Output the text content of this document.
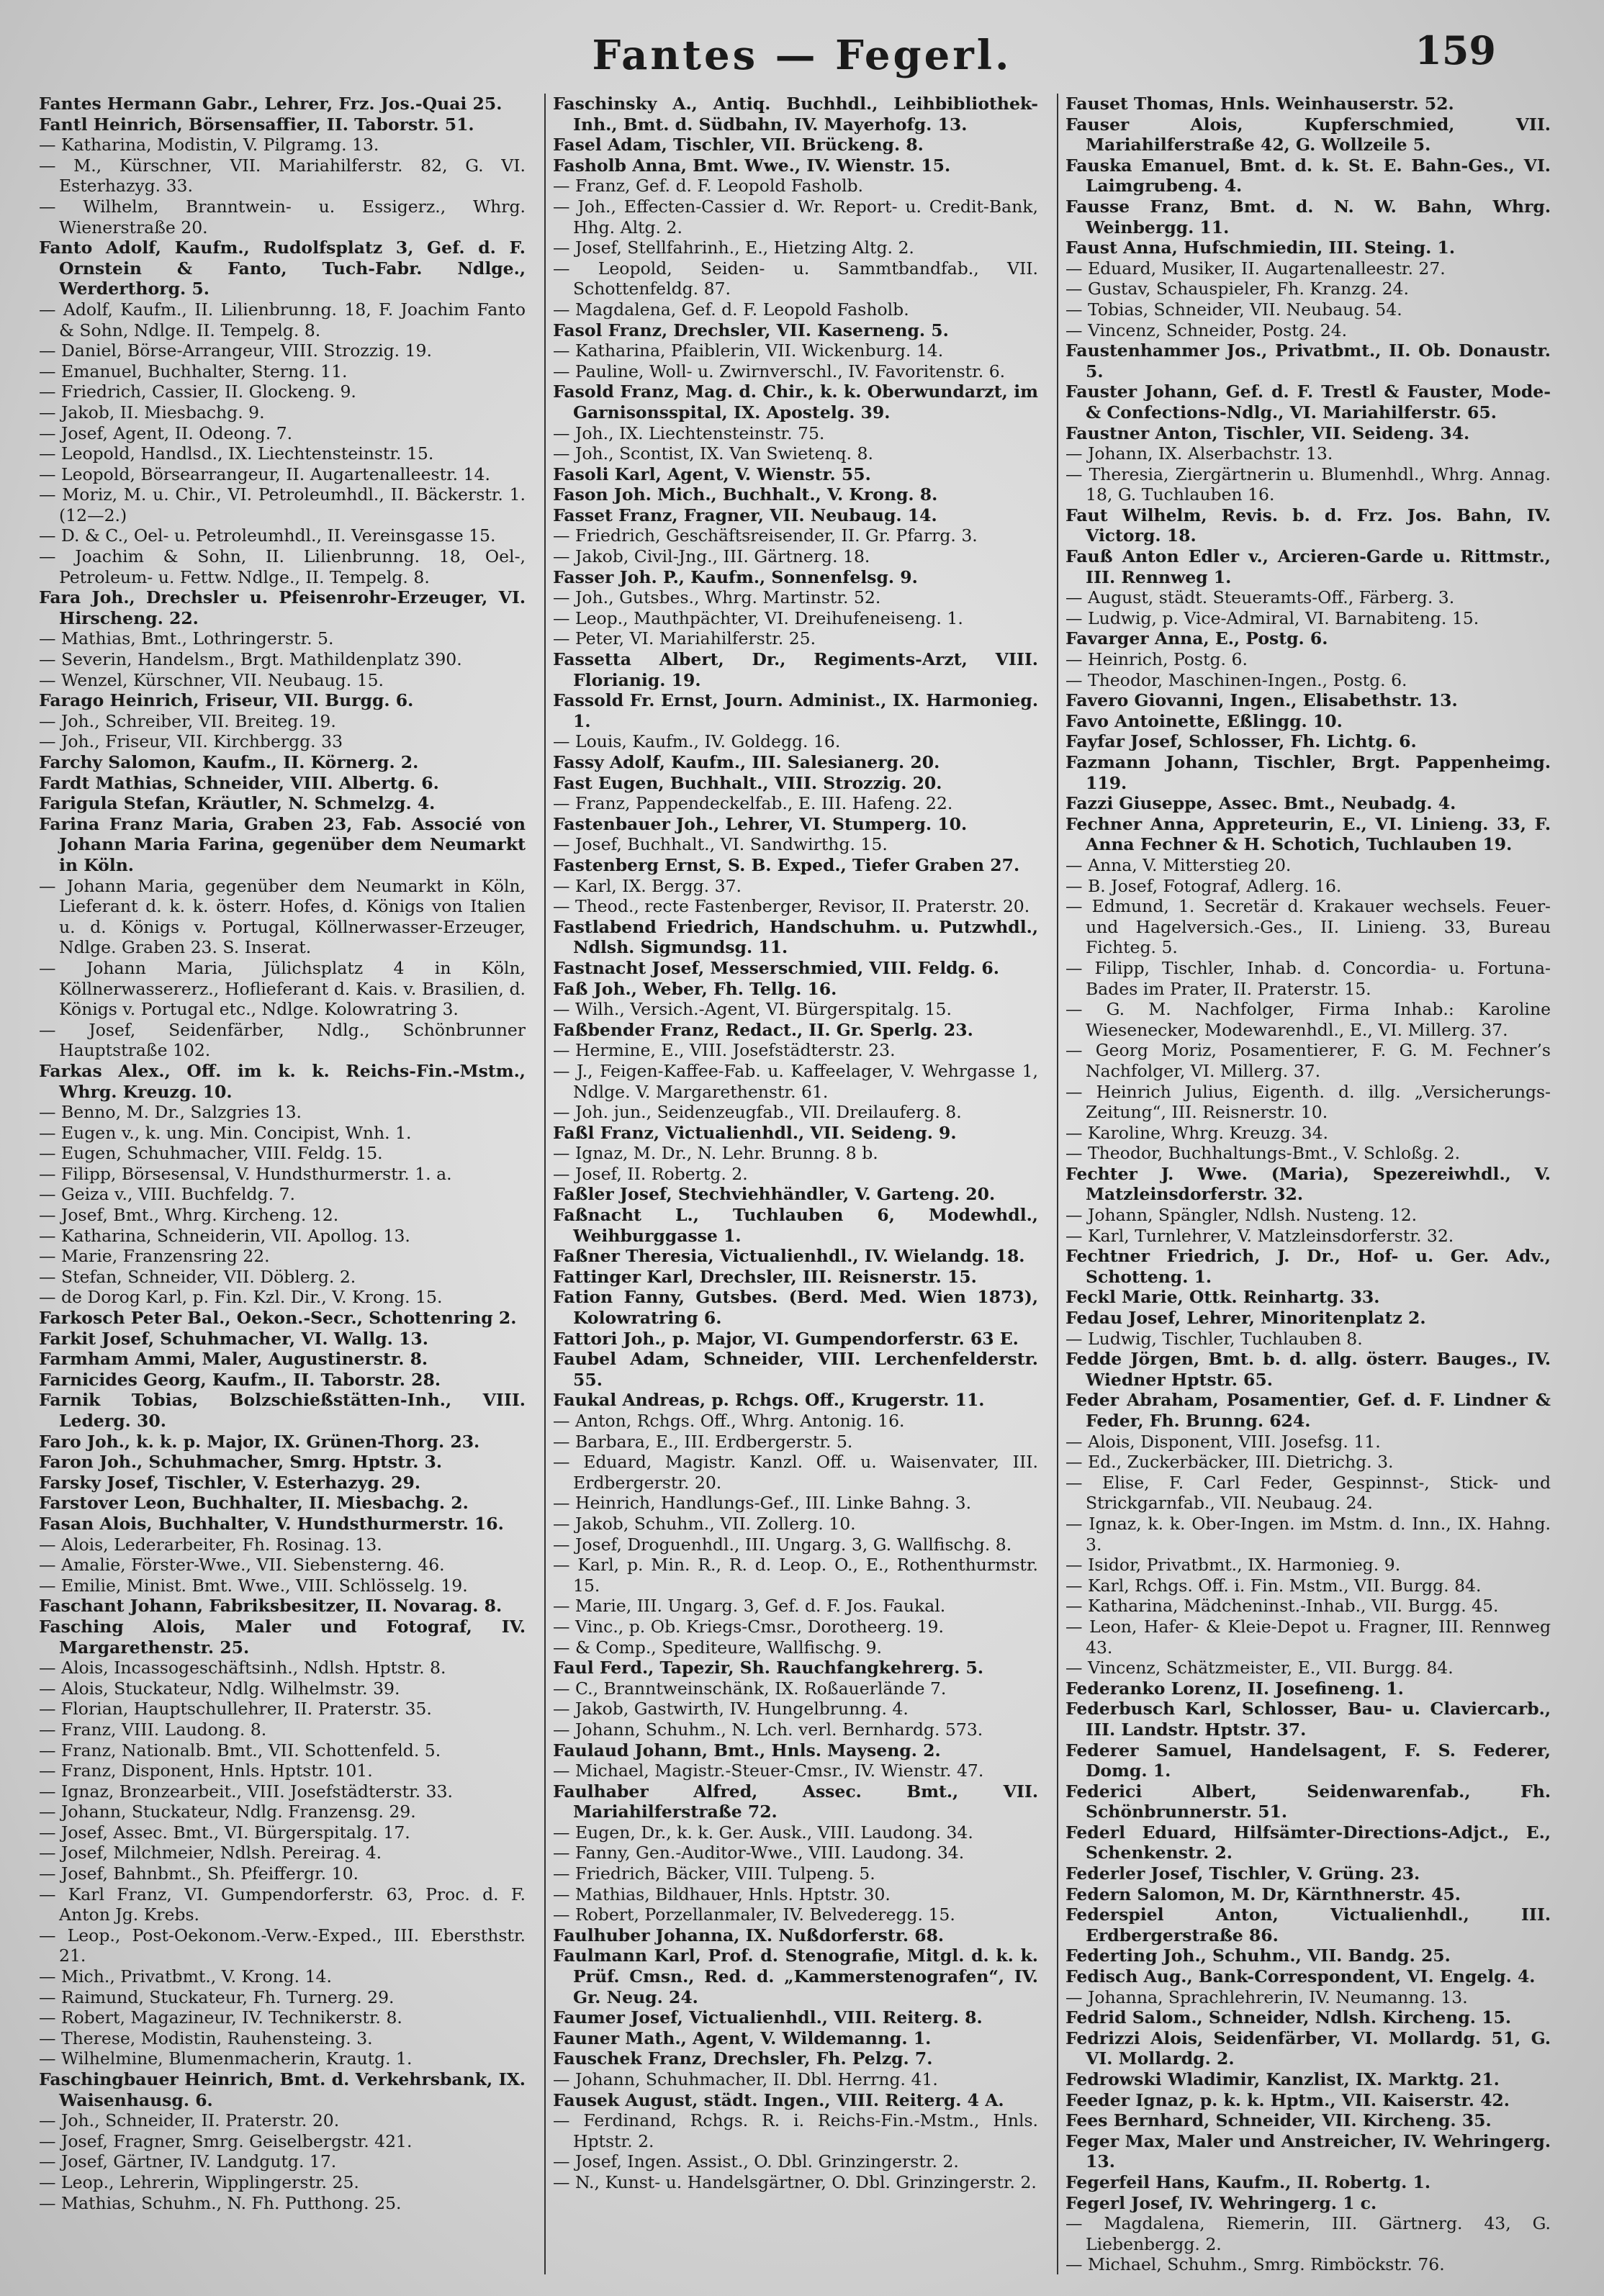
Fantes — Fegerl.	159

Fantes Hermann Gabr., Lehrer, Frz. Jos.-Quai 25.

Fantl Heinrich, Börsensaffier, II. Taborstr. 51.

— Katharina, Modistin, V. Pilgramg. 13.

— M., Kürschner, VII. Mariahilferstr. 82, G. VI. Esterhazyg. 33.

— Wilhelm, Branntwein- u. Essigerz., Whrg. Wienerstraße 20.

Fanto Adolf, Kaufm., Rudolfsplatz 3, Gef. d. F. Ornstein & Fanto, Tuch-Fabr. Ndlge., Werderthorg. 5.

— Adolf, Kaufm., II. Lilienbrunng. 18, F. Joachim Fanto & Sohn, Ndlge. II. Tempelg. 8.

— Daniel, Börse-Arrangeur, VIII. Strozzig. 19.

— Emanuel, Buchhalter, Sterng. 11.

— Friedrich, Cassier, II. Glockeng. 9.

— Jakob, II. Miesbachg. 9.

— Josef, Agent, II. Odeong. 7.

— Leopold, Handlsd., IX. Liechtensteinstr. 15.

— Leopold, Börsearrangeur, II. Augartenalleestr. 14.

— Moriz, M. u. Chir., VI. Petroleumhdl., II. Bäckerstr. 1. (12—2.)

— D. & C., Oel- u. Petroleumhdl., II. Vereinsgasse 15.

— Joachim & Sohn, II. Lilienbrunng. 18, Oel-, Petroleum- u. Fettw. Ndlge., II. Tempelg. 8.

Fara Joh., Drechsler u. Pfeisenrohr-Erzeuger, VI. Hirscheng. 22.

— Mathias, Bmt., Lothringerstr. 5.

— Severin, Handelsm., Brgt. Mathildenplatz 390.

— Wenzel, Kürschner, VII. Neubaug. 15.

Farago Heinrich, Friseur, VII. Burgg. 6.

— Joh., Schreiber, VII. Breiteg. 19.

— Joh., Friseur, VII. Kirchbergg. 33

Farchy Salomon, Kaufm., II. Körnerg. 2.

Fardt Mathias, Schneider, VIII. Albertg. 6.

Farigula Stefan, Kräutler, N. Schmelzg. 4.

Farina Franz Maria, Graben 23, Fab. Associé von Johann Maria Farina, gegenüber dem Neumarkt in Köln.

— Johann Maria, gegenüber dem Neumarkt in Köln, Lieferant d. k. k. österr. Hofes, d. Königs von Italien u. d. Königs v. Portugal, Köllnerwasser-Erzeuger, Ndlge. Graben 23. S. Inserat.

— Johann Maria, Jülichsplatz 4 in Köln, Köllnerwassererz., Hoflieferant d. Kais. v. Brasilien, d. Königs v. Portugal etc., Ndlge. Kolowratring 3.

— Josef, Seidenfärber, Ndlg., Schönbrunner Hauptstraße 102.

Farkas Alex., Off. im k. k. Reichs-Fin.-Mstm., Whrg. Kreuzg. 10.

— Benno, M. Dr., Salzgries 13.

— Eugen v., k. ung. Min. Concipist, Wnh. 1.

— Eugen, Schuhmacher, VIII. Feldg. 15.

— Filipp, Börsesensal, V. Hundsthurmerstr. 1. a.

— Geiza v., VIII. Buchfeldg. 7.

— Josef, Bmt., Whrg. Kircheng. 12.

— Katharina, Schneiderin, VII. Apollog. 13.

— Marie, Franzensring 22.

— Stefan, Schneider, VII. Döblerg. 2.

— de Dorog Karl, p. Fin. Kzl. Dir., V. Krong. 15.

Farkosch Peter Bal., Oekon.-Secr., Schottenring 2.

Farkit Josef, Schuhmacher, VI. Wallg. 13.

Farmham Ammi, Maler, Augustinerstr. 8.

Farnicides Georg, Kaufm., II. Taborstr. 28.

Farnik Tobias, Bolzschießstätten-Inh., VIII. Lederg. 30.

Faro Joh., k. k. p. Major, IX. Grünen-Thorg. 23.

Faron Joh., Schuhmacher, Smrg. Hptstr. 3.

Farsky Josef, Tischler, V. Esterhazyg. 29.

Farstover Leon, Buchhalter, II. Miesbachg. 2.

Fasan Alois, Buchhalter, V. Hundsthurmerstr. 16.

— Alois, Lederarbeiter, Fh. Rosinag. 13.

— Amalie, Förster-Wwe., VII. Siebensterng. 46.

— Emilie, Minist. Bmt. Wwe., VIII. Schlösselg. 19.

Faschant Johann, Fabriksbesitzer, II. Novarag. 8.

Fasching Alois, Maler und Fotograf, IV. Margarethenstr. 25.

— Alois, Incassogeschäftsinh., Ndlsh. Hptstr. 8.

— Alois, Stuckateur, Ndlg. Wilhelmstr. 39.

— Florian, Hauptschullehrer, II. Praterstr. 35.

— Franz, VIII. Laudong. 8.

— Franz, Nationalb. Bmt., VII. Schottenfeld. 5.

— Franz, Disponent, Hnls. Hptstr. 101.

— Ignaz, Bronzearbeit., VIII. Josefstädterstr. 33.

— Johann, Stuckateur, Ndlg. Franzensg. 29.

— Josef, Assec. Bmt., VI. Bürgerspitalg. 17.

— Josef, Milchmeier, Ndlsh. Pereirag. 4.

— Josef, Bahnbmt., Sh. Pfeiffergr. 10.

— Karl Franz, VI. Gumpendorferstr. 63, Proc. d. F. Anton Jg. Krebs.

— Leop., Post-Oekonom.-Verw.-Exped., III. Ebersthstr. 21.

— Mich., Privatbmt., V. Krong. 14.

— Raimund, Stuckateur, Fh. Turnerg. 29.

— Robert, Magazineur, IV. Technikerstr. 8.

— Therese, Modistin, Rauhensteing. 3.

— Wilhelmine, Blumenmacherin, Krautg. 1.

Faschingbauer Heinrich, Bmt. d. Verkehrsbank, IX. Waisenhausg. 6.

— Joh., Schneider, II. Praterstr. 20.

— Josef, Fragner, Smrg. Geiselbergstr. 421.

— Josef, Gärtner, IV. Landgutg. 17.

— Leop., Lehrerin, Wipplingerstr. 25.

— Mathias, Schuhm., N. Fh. Putthong. 25.

Faschinsky A., Antiq. Buchhdl., Leihbibliothek-Inh., Bmt. d. Südbahn, IV. Mayerhofg. 13.

Fasel Adam, Tischler, VII. Brückeng. 8.

Fasholb Anna, Bmt. Wwe., IV. Wienstr. 15.

— Franz, Gef. d. F. Leopold Fasholb.

— Joh., Effecten-Cassier d. Wr. Report- u. Credit-Bank, Hhg. Altg. 2.

— Josef, Stellfahrinh., E., Hietzing Altg. 2.

— Leopold, Seiden- u. Sammtbandfab., VII. Schottenfeldg. 87.

— Magdalena, Gef. d. F. Leopold Fasholb.

Fasol Franz, Drechsler, VII. Kaserneng. 5.

— Katharina, Pfaiblerin, VII. Wickenburg. 14.

— Pauline, Woll- u. Zwirnverschl., IV. Favoritenstr. 6.

Fasold Franz, Mag. d. Chir., k. k. Oberwundarzt, im Garnisonsspital, IX. Apostelg. 39.

— Joh., IX. Liechtensteinstr. 75.

— Joh., Scontist, IX. Van Swietenq. 8.

Fasoli Karl, Agent, V. Wienstr. 55.

Fason Joh. Mich., Buchhalt., V. Krong. 8.

Fasset Franz, Fragner, VII. Neubaug. 14.

— Friedrich, Geschäftsreisender, II. Gr. Pfarrg. 3.

— Jakob, Civil-Jng., III. Gärtnerg. 18.

Fasser Joh. P., Kaufm., Sonnenfelsg. 9.

— Joh., Gutsbes., Whrg. Martinstr. 52.

— Leop., Mauthpächter, VI. Dreihufeneiseng. 1.

— Peter, VI. Mariahilferstr. 25.

Fassetta Albert, Dr., Regiments-Arzt, VIII. Florianig. 19.

Fassold Fr. Ernst, Journ. Administ., IX. Harmonieg. 1.

— Louis, Kaufm., IV. Goldegg. 16.

Fassy Adolf, Kaufm., III. Salesianerg. 20.

Fast Eugen, Buchhalt., VIII. Strozzig. 20.

— Franz, Pappendeckelfab., E. III. Hafeng. 22.

Fastenbauer Joh., Lehrer, VI. Stumperg. 10.

— Josef, Buchhalt., VI. Sandwirthg. 15.

Fastenberg Ernst, S. B. Exped., Tiefer Graben 27.

— Karl, IX. Bergg. 37.

— Theod., recte Fastenberger, Revisor, II. Praterstr. 20.

Fastlabend Friedrich, Handschuhm. u. Putzwhdl., Ndlsh. Sigmundsg. 11.

Fastnacht Josef, Messerschmied, VIII. Feldg. 6.

Faß Joh., Weber, Fh. Tellg. 16.

— Wilh., Versich.-Agent, VI. Bürgerspitalg. 15.

Faßbender Franz, Redact., II. Gr. Sperlg. 23.

— Hermine, E., VIII. Josefstädterstr. 23.

— J., Feigen-Kaffee-Fab. u. Kaffeelager, V. Wehrgasse 1, Ndlge. V. Margarethenstr. 61.

— Joh. jun., Seidenzeugfab., VII. Dreilauferg. 8.

Faßl Franz, Victualienhdl., VII. Seideng. 9.

— Ignaz, M. Dr., N. Lehr. Brunng. 8 b.

— Josef, II. Robertg. 2.

Faßler Josef, Stechviehhändler, V. Garteng. 20.

Faßnacht L., Tuchlauben 6, Modewhdl., Weihburggasse 1.

Faßner Theresia, Victualienhdl., IV. Wielandg. 18.

Fattinger Karl, Drechsler, III. Reisnerstr. 15.

Fation Fanny, Gutsbes. (Berd. Med. Wien 1873), Kolowratring 6.

Fattori Joh., p. Major, VI. Gumpendorferstr. 63 E.

Faubel Adam, Schneider, VIII. Lerchenfelderstr. 55.

Faukal Andreas, p. Rchgs. Off., Krugerstr. 11.

— Anton, Rchgs. Off., Whrg. Antonig. 16.

— Barbara, E., III. Erdbergerstr. 5.

— Eduard, Magistr. Kanzl. Off. u. Waisenvater, III. Erdbergerstr. 20.

— Heinrich, Handlungs-Gef., III. Linke Bahng. 3.

— Jakob, Schuhm., VII. Zollerg. 10.

— Josef, Droguenhdl., III. Ungarg. 3, G. Wallfischg. 8.

— Karl, p. Min. R., R. d. Leop. O., E., Rothenthurmstr. 15.

— Marie, III. Ungarg. 3, Gef. d. F. Jos. Faukal.

— Vinc., p. Ob. Kriegs-Cmsr., Dorotheerg. 19.

— & Comp., Spediteure, Wallfischg. 9.

Faul Ferd., Tapezir, Sh. Rauchfangkehrerg. 5.

— C., Branntweinschänk, IX. Roßauerlände 7.

— Jakob, Gastwirth, IV. Hungelbrunng. 4.

— Johann, Schuhm., N. Lch. verl. Bernhardg. 573.

Faulaud Johann, Bmt., Hnls. Mayseng. 2.

— Michael, Magistr.-Steuer-Cmsr., IV. Wienstr. 47.

Faulhaber Alfred, Assec. Bmt., VII. Mariahilferstraße 72.

— Eugen, Dr., k. k. Ger. Ausk., VIII. Laudong. 34.

— Fanny, Gen.-Auditor-Wwe., VIII. Laudong. 34.

— Friedrich, Bäcker, VIII. Tulpeng. 5.

— Mathias, Bildhauer, Hnls. Hptstr. 30.

— Robert, Porzellanmaler, IV. Belvederegg. 15.

Faulhuber Johanna, IX. Nußdorferstr. 68.

Faulmann Karl, Prof. d. Stenografie, Mitgl. d. k. k. Prüf. Cmsn., Red. d. „Kammerstenografen“, IV. Gr. Neug. 24.

Faumer Josef, Victualienhdl., VIII. Reiterg. 8.

Fauner Math., Agent, V. Wildemanng. 1.

Fauschek Franz, Drechsler, Fh. Pelzg. 7.

— Johann, Schuhmacher, II. Dbl. Herrng. 41.

Fausek August, städt. Ingen., VIII. Reiterg. 4 A.

— Ferdinand, Rchgs. R. i. Reichs-Fin.-Mstm., Hnls. Hptstr. 2.

— Josef, Ingen. Assist., O. Dbl. Grinzingerstr. 2.

— N., Kunst- u. Handelsgärtner, O. Dbl. Grinzingerstr. 2.

Fauset Thomas, Hnls. Weinhauserstr. 52.

Fauser Alois, Kupferschmied, VII. Mariahilferstraße 42, G. Wollzeile 5.

Fauska Emanuel, Bmt. d. k. St. E. Bahn-Ges., VI. Laimgrubeng. 4.

Fausse Franz, Bmt. d. N. W. Bahn, Whrg. Weinbergg. 11.

Faust Anna, Hufschmiedin, III. Steing. 1.

— Eduard, Musiker, II. Augartenalleestr. 27.

— Gustav, Schauspieler, Fh. Kranzg. 24.

— Tobias, Schneider, VII. Neubaug. 54.

— Vincenz, Schneider, Postg. 24.

Faustenhammer Jos., Privatbmt., II. Ob. Donaustr. 5.

Fauster Johann, Gef. d. F. Trestl & Fauster, Mode- & Confections-Ndlg., VI. Mariahilferstr. 65.

Faustner Anton, Tischler, VII. Seideng. 34.

— Johann, IX. Alserbachstr. 13.

— Theresia, Ziergärtnerin u. Blumenhdl., Whrg. Annag. 18, G. Tuchlauben 16.

Faut Wilhelm, Revis. b. d. Frz. Jos. Bahn, IV. Victorg. 18.

Fauß Anton Edler v., Arcieren-Garde u. Rittmstr., III. Rennweg 1.

— August, städt. Steueramts-Off., Färberg. 3.

— Ludwig, p. Vice-Admiral, VI. Barnabiteng. 15.

Favarger Anna, E., Postg. 6.

— Heinrich, Postg. 6.

— Theodor, Maschinen-Ingen., Postg. 6.

Favero Giovanni, Ingen., Elisabethstr. 13.

Favo Antoinette, Eßlingg. 10.

Fayfar Josef, Schlosser, Fh. Lichtg. 6.

Fazmann Johann, Tischler, Brgt. Pappenheimg. 119.

Fazzi Giuseppe, Assec. Bmt., Neubadg. 4.

Fechner Anna, Appreteurin, E., VI. Linieng. 33, F. Anna Fechner & H. Schotich, Tuchlauben 19.

— Anna, V. Mitterstieg 20.

— B. Josef, Fotograf, Adlerg. 16.

— Edmund, 1. Secretär d. Krakauer wechsels. Feuer- und Hagelversich.-Ges., II. Linieng. 33, Bureau Fichteg. 5.

— Filipp, Tischler, Inhab. d. Concordia- u. Fortuna-Bades im Prater, II. Praterstr. 15.

— G. M. Nachfolger, Firma Inhab.: Karoline Wiesenecker, Modewarenhdl., E., VI. Millerg. 37.

— Georg Moriz, Posamentierer, F. G. M. Fechner’s Nachfolger, VI. Millerg. 37.

— Heinrich Julius, Eigenth. d. illg. „Versicherungs-Zeitung“, III. Reisnerstr. 10.

— Karoline, Whrg. Kreuzg. 34.

— Theodor, Buchhaltungs-Bmt., V. Schloßg. 2.

Fechter J. Wwe. (Maria), Spezereiwhdl., V. Matzleinsdorferstr. 32.

— Johann, Spängler, Ndlsh. Nusteng. 12.

— Karl, Turnlehrer, V. Matzleinsdorferstr. 32.

Fechtner Friedrich, J. Dr., Hof- u. Ger. Adv., Schotteng. 1.

Feckl Marie, Ottk. Reinhartg. 33.

Fedau Josef, Lehrer, Minoritenplatz 2.

— Ludwig, Tischler, Tuchlauben 8.

Fedde Jörgen, Bmt. b. d. allg. österr. Bauges., IV. Wiedner Hptstr. 65.

Feder Abraham, Posamentier, Gef. d. F. Lindner & Feder, Fh. Brunng. 624.

— Alois, Disponent, VIII. Josefsg. 11.

— Ed., Zuckerbäcker, III. Dietrichg. 3.

— Elise, F. Carl Feder, Gespinnst-, Stick- und Strickgarnfab., VII. Neubaug. 24.

— Ignaz, k. k. Ober-Ingen. im Mstm. d. Inn., IX. Hahng. 3.

— Isidor, Privatbmt., IX. Harmonieg. 9.

— Karl, Rchgs. Off. i. Fin. Mstm., VII. Burgg. 84.

— Katharina, Mädcheninst.-Inhab., VII. Burgg. 45.

— Leon, Hafer- & Kleie-Depot u. Fragner, III. Rennweg 43.

— Vincenz, Schätzmeister, E., VII. Burgg. 84.

Federanko Lorenz, II. Josefineng. 1.

Federbusch Karl, Schlosser, Bau- u. Claviercarb., III. Landstr. Hptstr. 37.

Federer Samuel, Handelsagent, F. S. Federer, Domg. 1.

Federici Albert, Seidenwarenfab., Fh. Schönbrunnerstr. 51.

Federl Eduard, Hilfsämter-Directions-Adjct., E., Schenkenstr. 2.

Federler Josef, Tischler, V. Grüng. 23.

Federn Salomon, M. Dr, Kärnthnerstr. 45.

Federspiel Anton, Victualienhdl., III. Erdbergerstraße 86.

Federting Joh., Schuhm., VII. Bandg. 25.

Fedisch Aug., Bank-Correspondent, VI. Engelg. 4.

— Johanna, Sprachlehrerin, IV. Neumanng. 13.

Fedrid Salom., Schneider, Ndlsh. Kircheng. 15.

Fedrizzi Alois, Seidenfärber, VI. Mollardg. 51, G. VI. Mollardg. 2.

Fedrowski Wladimir, Kanzlist, IX. Marktg. 21.

Feeder Ignaz, p. k. k. Hptm., VII. Kaiserstr. 42.

Fees Bernhard, Schneider, VII. Kircheng. 35.

Feger Max, Maler und Anstreicher, IV. Wehringerg. 13.

Fegerfeil Hans, Kaufm., II. Robertg. 1.

Fegerl Josef, IV. Wehringerg. 1 c.

— Magdalena, Riemerin, III. Gärtnerg. 43, G. Liebenbergg. 2.

— Michael, Schuhm., Smrg. Rimböckstr. 76.
